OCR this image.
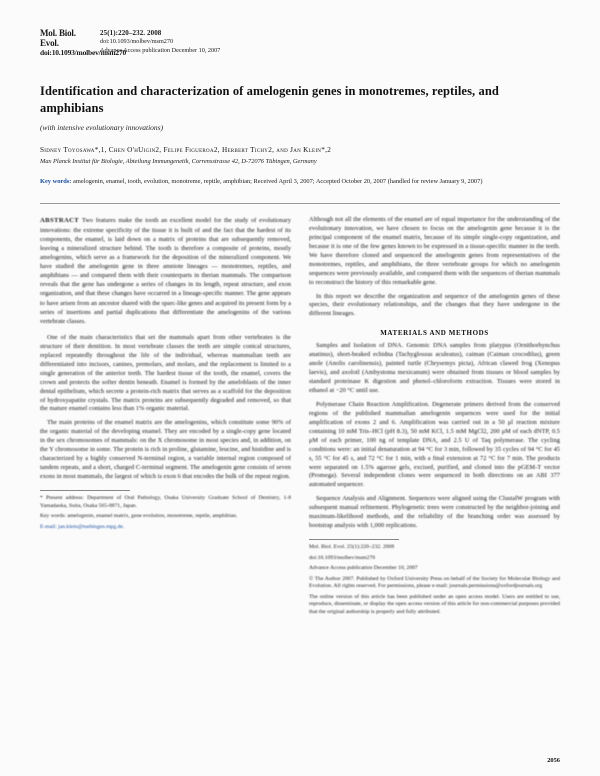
Mol. Biol. Evol.
doi:10.1093/molbev/msm270
25(1):220–232. 2008
doi:10.1093/molbev/msm270
Advance Access publication December 10, 2007
Identification and characterization of amelogenin genes in monotremes, reptiles, and amphibians
(with intensive evolutionary innovations)
Sidney Toyosawa*,1, Chen O'hUigin2, Felipe Figueroa2, Herbert Tichy2, and Jan Klein*,2
Max Planck Institut für Biologie, Abteilung Immungenetik, Corrensstrasse 42, D-72076 Tübingen, Germany
Key words: amelogenin, enamel, tooth, evolution, monotreme, reptile, amphibian; Received April 3, 2007; Accepted October 20, 2007 (handled for review January 9, 2007)

ABSTRACT Two features make the tooth an excellent model for the study of evolutionary innovations: the extreme specificity of the tissue it is built of and the fact that the hardest of its components, the enamel, is laid down on a matrix of proteins that are subsequently removed, leaving a mineralized structure behind. The tooth is therefore a composite of proteins, mostly amelogenins, which serve as a framework for the deposition of the mineralized component. We have studied the amelogenin gene in three amniote lineages — monotremes, reptiles, and amphibians — and compared them with their counterparts in therian mammals. The comparison reveals that the gene has undergone a series of changes in its length, repeat structure, and exon organization, and that these changes have occurred in a lineage-specific manner. The gene appears to have arisen from an ancestor shared with the sparc-like genes and acquired its present form by a series of insertions and partial duplications that differentiate the amelogenins of the various vertebrate classes.

One of the main characteristics that set the mammals apart from other vertebrates is the structure of their dentition. In most vertebrate classes the teeth are simple conical structures, replaced repeatedly throughout the life of the individual, whereas mammalian teeth are differentiated into incisors, canines, premolars, and molars, and the replacement is limited to a single generation of the anterior teeth. The hardest tissue of the tooth, the enamel, covers the crown and protects the softer dentin beneath. Enamel is formed by the ameloblasts of the inner dental epithelium, which secrete a protein-rich matrix that serves as a scaffold for the deposition of hydroxyapatite crystals. The matrix proteins are subsequently degraded and removed, so that the mature enamel contains less than 1% organic material.

The main proteins of the enamel matrix are the amelogenins, which constitute some 90% of the organic material of the developing enamel. They are encoded by a single-copy gene located in the sex chromosomes of mammals: on the X chromosome in most species and, in addition, on the Y chromosome in some. The protein is rich in proline, glutamine, leucine, and histidine and is characterized by a highly conserved N-terminal region, a variable internal region composed of tandem repeats, and a short, charged C-terminal segment. The amelogenin gene consists of seven exons in most mammals, the largest of which is exon 6 that encodes the bulk of the repeat region.

* Present address: Department of Oral Pathology, Osaka University Graduate School of Dentistry, 1-8 Yamadaoka, Suita, Osaka 565-0871, Japan.

Key words: amelogenin, enamel matrix, gene evolution, monotreme, reptile, amphibian.

E-mail: jan.klein@tuebingen.mpg.de.

Although not all the elements of the enamel are of equal importance for the understanding of the evolutionary innovation, we have chosen to focus on the amelogenin gene because it is the principal component of the enamel matrix, because of its simple single-copy organization, and because it is one of the few genes known to be expressed in a tissue-specific manner in the teeth. We have therefore cloned and sequenced the amelogenin genes from representatives of the monotremes, reptiles, and amphibians, the three vertebrate groups for which no amelogenin sequences were previously available, and compared them with the sequences of therian mammals to reconstruct the history of this remarkable gene.

In this report we describe the organization and sequence of the amelogenin genes of these species, their evolutionary relationships, and the changes that they have undergone in the different lineages.

MATERIALS AND METHODS

Samples and Isolation of DNA. Genomic DNA samples from platypus (Ornithorhynchus anatinus), short-beaked echidna (Tachyglossus aculeatus), caiman (Caiman crocodilus), green anole (Anolis carolinensis), painted turtle (Chrysemys picta), African clawed frog (Xenopus laevis), and axolotl (Ambystoma mexicanum) were obtained from tissues or blood samples by standard proteinase K digestion and phenol–chloroform extraction. Tissues were stored in ethanol at −20 °C until use.

Polymerase Chain Reaction Amplification. Degenerate primers derived from the conserved regions of the published mammalian amelogenin sequences were used for the initial amplification of exons 2 and 6. Amplification was carried out in a 50 μl reaction mixture containing 10 mM Tris–HCl (pH 8.3), 50 mM KCl, 1.5 mM MgCl2, 200 μM of each dNTP, 0.5 μM of each primer, 100 ng of template DNA, and 2.5 U of Taq polymerase. The cycling conditions were: an initial denaturation at 94 °C for 3 min, followed by 35 cycles of 94 °C for 45 s, 55 °C for 45 s, and 72 °C for 1 min, with a final extension at 72 °C for 7 min. The products were separated on 1.5% agarose gels, excised, purified, and cloned into the pGEM-T vector (Promega). Several independent clones were sequenced in both directions on an ABI 377 automated sequencer.

Sequence Analysis and Alignment. Sequences were aligned using the ClustalW program with subsequent manual refinement. Phylogenetic trees were constructed by the neighbor-joining and maximum-likelihood methods, and the reliability of the branching order was assessed by bootstrap analysis with 1,000 replications.

Mol. Biol. Evol. 25(1):220–232. 2008

doi:10.1093/molbev/msm270

Advance Access publication December 10, 2007

© The Author 2007. Published by Oxford University Press on behalf of the Society for Molecular Biology and Evolution. All rights reserved. For permissions, please e-mail: journals.permissions@oxfordjournals.org

The online version of this article has been published under an open access model. Users are entitled to use, reproduce, disseminate, or display the open access version of this article for non-commercial purposes provided that the original authorship is properly and fully attributed.

2056
